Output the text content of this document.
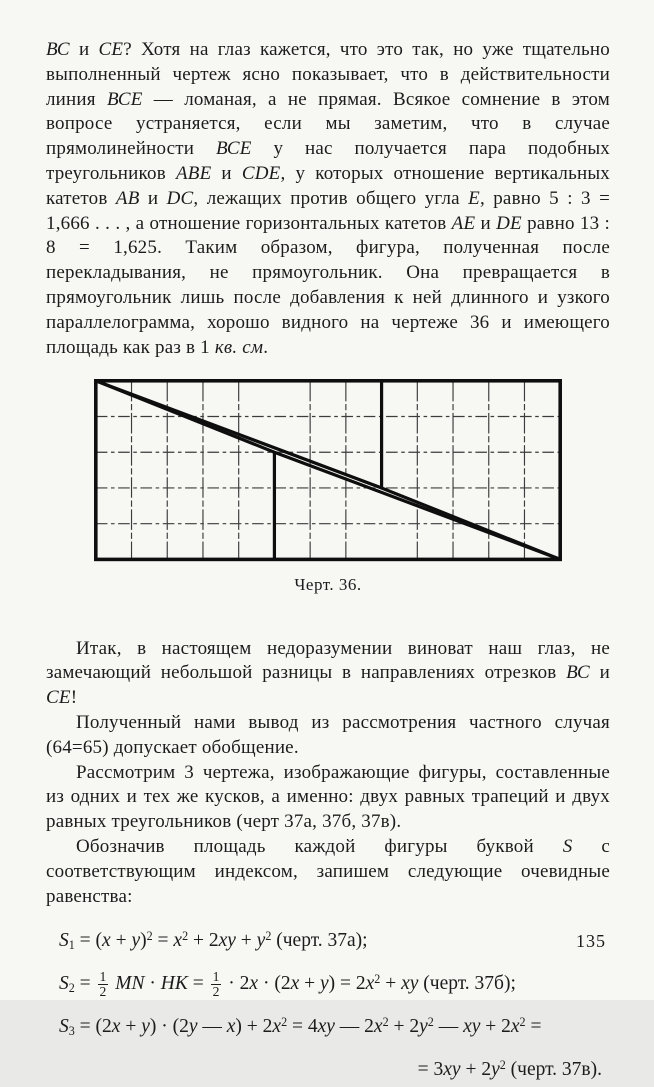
ВС и СЕ? Хотя на глаз кажется, что это так, но уже тщательно выполненный чертеж ясно показывает, что в действительности линия ВСЕ — ломаная, а не прямая. Всякое сомнение в этом вопросе устраняется, если мы заметим, что в случае прямолинейности ВСЕ у нас получается пара подобных треугольников ABE и CDE, у которых отношение вертикальных катетов AB и DC, лежащих против общего угла E, равно 5 : 3 = 1,666 . . . , а отношение горизонтальных катетов AE и DE равно 13 : 8 = 1,625. Таким образом, фигура, полученная после перекладывания, не прямоугольник. Она превращается в прямоугольник лишь после добавления к ней длинного и узкого параллелограмма, хорошо видного на чертеже 36 и имеющего площадь как раз в 1 кв. см.

Черт. 36.

Итак, в настоящем недоразумении виноват наш глаз, не замечающий небольшой разницы в направлениях отрезков ВС и СЕ!

Полученный нами вывод из рассмотрения частного случая (64=65) допускает обобщение.

Рассмотрим 3 чертежа, изображающие фигуры, составленные из одних и тех же кусков, а именно: двух равных трапеций и двух равных треугольников (черт 37а, 37б, 37в).

Обозначив площадь каждой фигуры буквой S с соответствующим индексом, запишем следующие очевидные равенства:

$S1 = (x + y)^2 = x^2 + 2xy + y^2$ (черт. 37а);
$S2 = \frac{1}{2}$ MN · HK = $\frac{1}{2} \cdot 2x \cdot (2x + y) = 2x^2$ + xy (черт. 37б);
S3 = (2x + y) · (2y — $x) + 2x^2 = 4xy$ — $2x^2 + 2y^2$ — xy + $2x^2$ =
= $3xy + 2y^2$ (черт. 37в).
135
